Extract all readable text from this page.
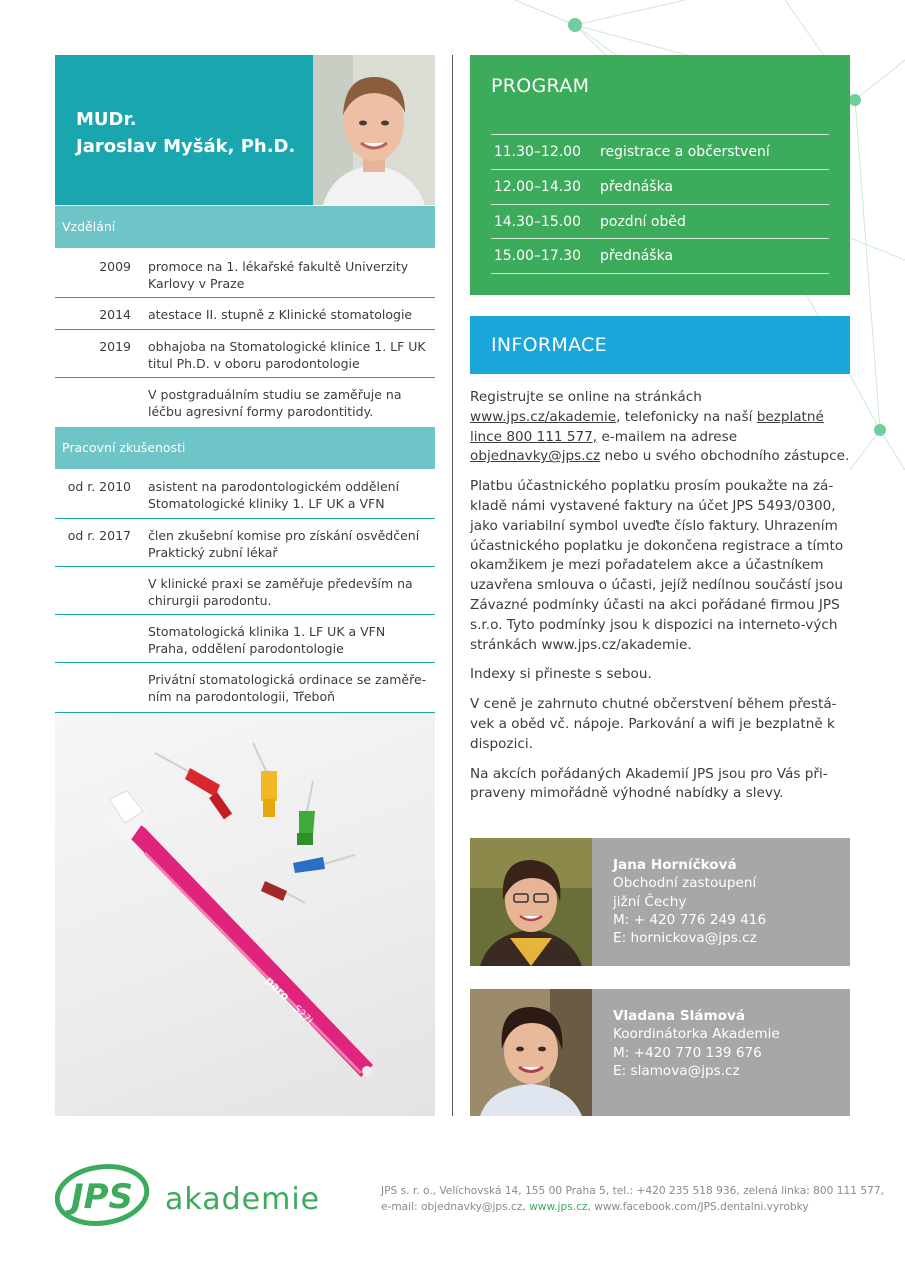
MUDr.
Jaroslav Myšák, Ph.D.
Vzdělání
2009 promoce na 1. lékařské fakultě Univerzity Karlovy v Praze
2014 atestace II. stupně z Klinické stomatologie
2019 obhajoba na Stomatologické klinice 1. LF UK titul Ph.D. v oboru parodontologie
V postgraduálním studiu se zaměřuje na léčbu agresivní formy parodontitidy.
Pracovní zkušenosti
od r. 2010 asistent na parodontologickém oddělení Stomatologické kliniky 1. LF UK a VFN
od r. 2017 člen zkušební komise pro získání osvědčení Praktický zubní lékař
V klinické praxi se zaměřuje především na chirurgii parodontu.
Stomatologická klinika 1. LF UK a VFN Praha, oddělení parodontologie
Privátní stomatologická ordinace se zaměře-ním na parodontologii, Třeboň
paro
S27L
PROGRAM
11.30–12.00 registrace a občerstvení
12.00–14.30 přednáška
14.30–15.00 pozdní oběd
15.00–17.30 přednáška
INFORMACE

Registrujte se online na stránkách www.jps.cz/akademie, telefonicky na naší bezplatné lince 800 111 577, e-mailem na adrese objednavky@jps.cz nebo u svého obchodního zástupce.

Platbu účastnického poplatku prosím poukažte na zá-kladě námi vystavené faktury na účet JPS 5493/0300, jako variabilní symbol uveďte číslo faktury. Uhrazením účastnického poplatku je dokončena registrace a tímto okamžikem je mezi pořadatelem akce a účastníkem uzavřena smlouva o účasti, jejíž nedílnou součástí jsou Závazné podmínky účasti na akci pořádané firmou JPS s.r.o. Tyto podmínky jsou k dispozici na interneto-vých stránkách www.jps.cz/akademie.

Indexy si přineste s sebou.

V ceně je zahrnuto chutné občerstvení během přestá-vek a oběd vč. nápoje. Parkování a wifi je bezplatně k dispozici.

Na akcích pořádaných Akademií JPS jsou pro Vás při-praveny mimořádně výhodné nabídky a slevy.

Jana Horníčková
Obchodní zastoupení
jižní Čechy
M: + 420 776 249 416
E: hornickova@jps.cz
Vladana Slámová
Koordinátorka Akademie
M: +420 770 139 676
E: slamova@jps.cz
JPS akademie	JPS s. r. o., Velíchovská 14, 155 00 Praha 5, tel.: +420 235 518 936, zelená linka: 800 111 577,
e-mail: objednavky@jps.cz, www.jps.cz, www.facebook.com/JPS.dentalni.vyrobky
